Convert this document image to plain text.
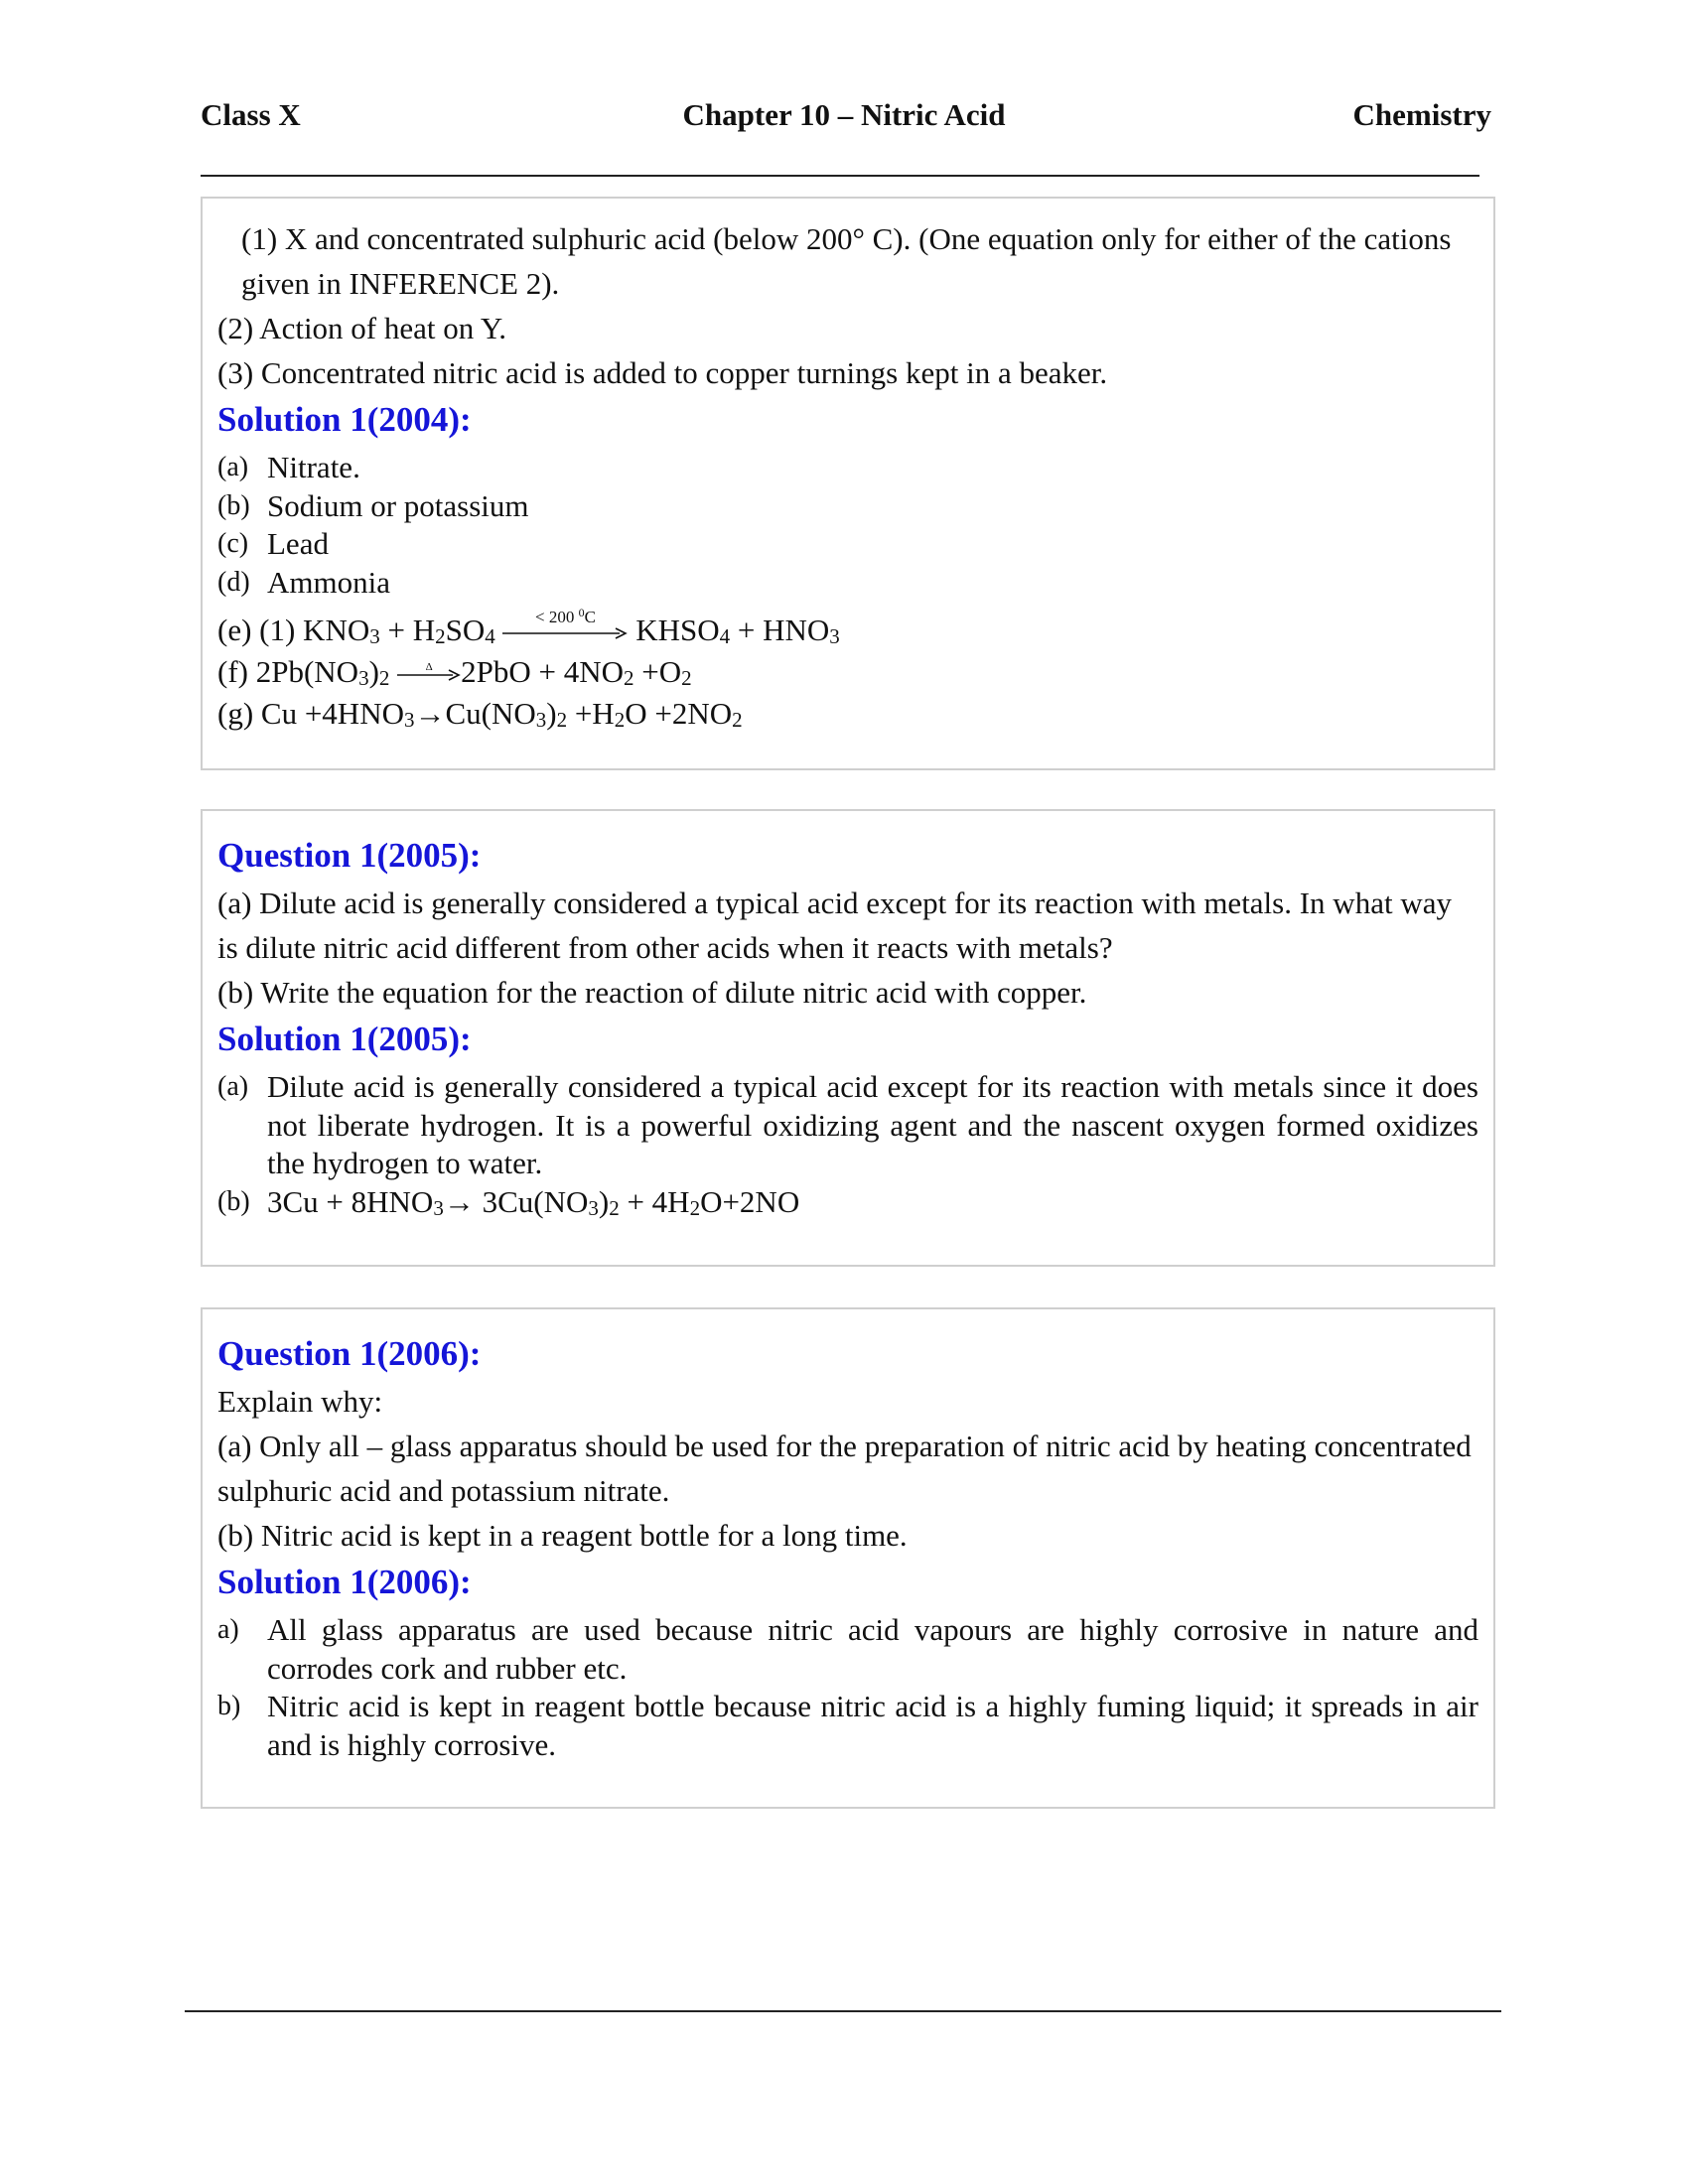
Class X	Chapter 10 – Nitric Acid	Chemistry

(1) X and concentrated sulphuric acid (below 200° C). (One equation only for either of the cations given in INFERENCE 2).

(2) Action of heat on Y.

(3) Concentrated nitric acid is added to copper turnings kept in a beaker.

Solution 1(2004):

(a) Nitrate.
(b) Sodium or potassium
(c) Lead
(d) Ammonia
(e) (1) $KNO_3 + H_2SO_4$
< 200 $^0$C	$KHSO_4 + HNO_3$
(f) $2Pb(NO_3)_2$	Δ $2PbO + 4NO_2 +O_2$
(g) $Cu +4HNO_3\to Cu(NO_3)_2 +H_2O +2NO_2$

Question 1(2005):

(a) Dilute acid is generally considered a typical acid except for its reaction with metals. In what way is dilute nitric acid different from other acids when it reacts with metals?

(b) Write the equation for the reaction of dilute nitric acid with copper.

Solution 1(2005):

(a) Dilute acid is generally considered a typical acid except for its reaction with metals since it does not liberate hydrogen. It is a powerful oxidizing agent and the nascent oxygen formed oxidizes the hydrogen to water.
(b) $3Cu + 8HNO_3\to 3Cu(NO_3)_2 + 4H_2O+2NO$

Question 1(2006):

Explain why:

(a) Only all – glass apparatus should be used for the preparation of nitric acid by heating concentrated sulphuric acid and potassium nitrate.

(b) Nitric acid is kept in a reagent bottle for a long time.

Solution 1(2006):

a) All glass apparatus are used because nitric acid vapours are highly corrosive in nature and corrodes cork and rubber etc.
b) Nitric acid is kept in reagent bottle because nitric acid is a highly fuming liquid; it spreads in air and is highly corrosive.
